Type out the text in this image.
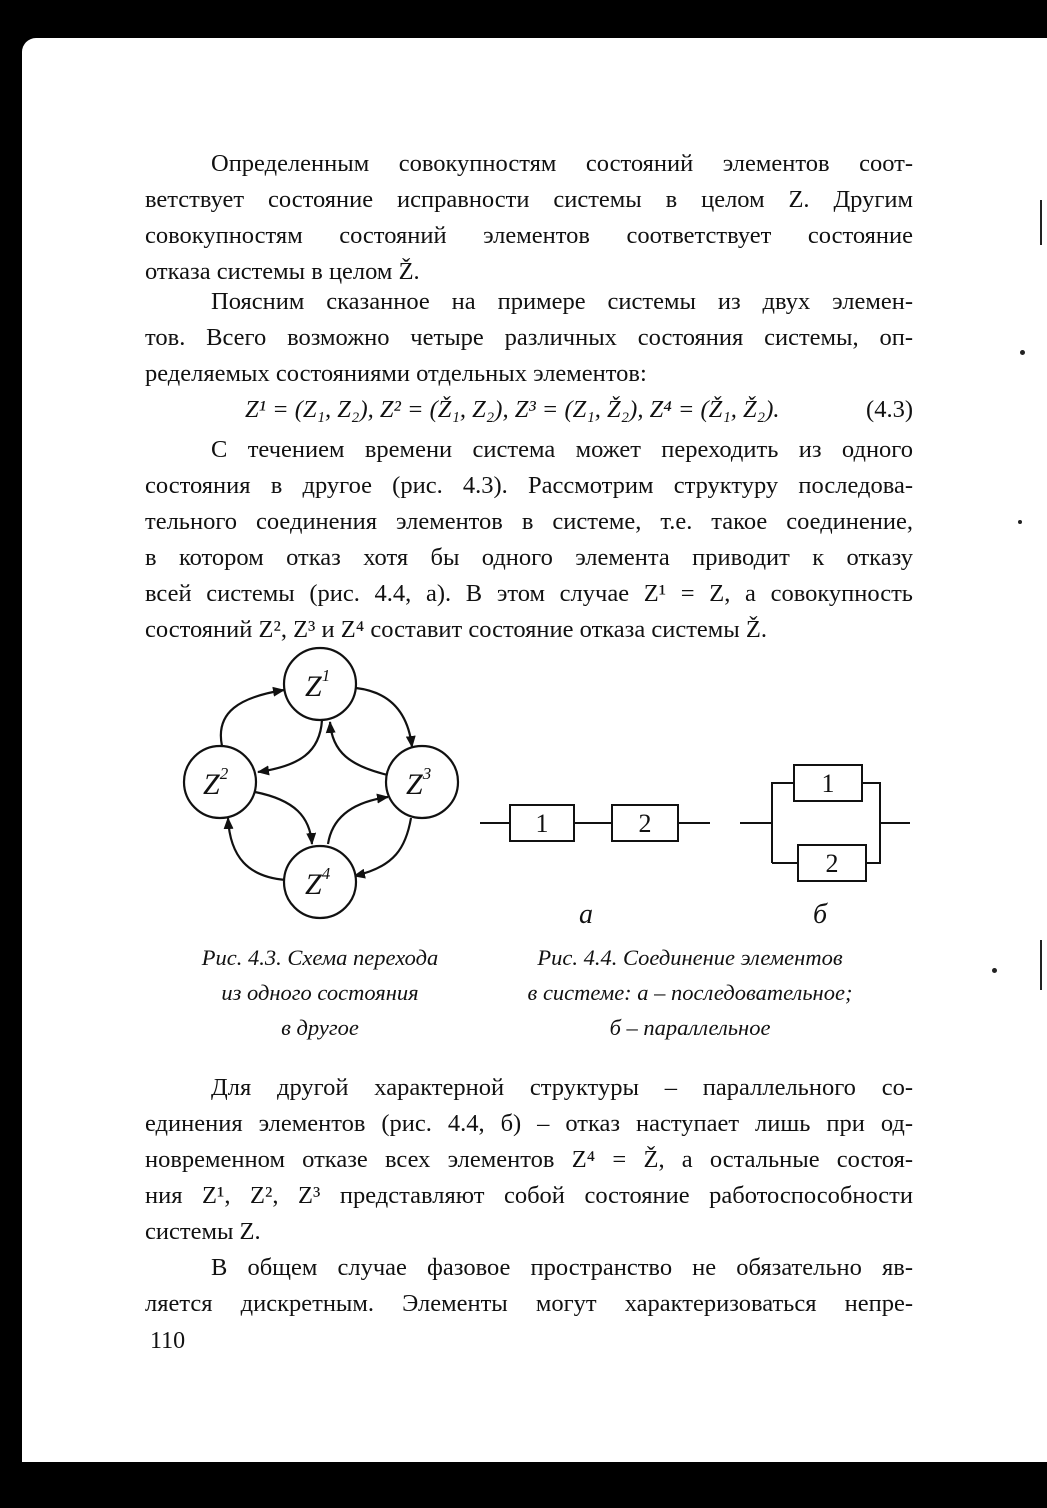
Определенным совокупностям состояний элементов соот-
ветствует состояние исправности системы в целом Z. Другим
совокупностям состояний элементов соответствует состояние
отказа системы в целом Ž.
Поясним сказанное на примере системы из двух элемен-
тов. Всего возможно четыре различных состояния системы, оп-
ределяемых состояниями отдельных элементов:
Z¹ = (Z₁, Z₂), Z² = (Ž₁, Z₂), Z³ = (Z₁, Ž₂), Z⁴ = (Ž₁, Ž₂).	(4.3)
С течением времени система может переходить из одного
состояния в другое (рис. 4.3). Рассмотрим структуру последова-
тельного соединения элементов в системе, т.е. такое соединение,
в котором отказ хотя бы одного элемента приводит к отказу
всей системы (рис. 4.4, а). В этом случае Z¹ = Z, а совокупность
состояний Z², Z³ и Z⁴ составит состояние отказа системы Ž.
$Z^1$
$Z^2$	$Z^3$
$Z^4$
1	2
1
2
а	б
Рис. 4.3. Схема перехода
из одного состояния
в другое
Рис. 4.4. Соединение элементов
в системе: а – последовательное;
б – параллельное
Для другой характерной структуры – параллельного со-
единения элементов (рис. 4.4, б) – отказ наступает лишь при од-
новременном отказе всех элементов Z⁴ = Ž, а остальные состоя-
ния Z¹, Z², Z³ представляют собой состояние работоспособности
системы Z.
В общем случае фазовое пространство не обязательно яв-
ляется дискретным. Элементы могут характеризоваться непре-
110
